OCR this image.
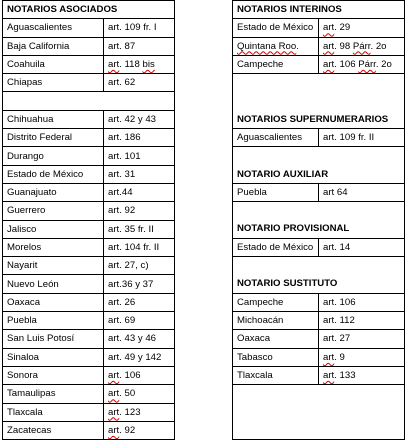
NOTARIOS ASOCIADOS			NOTARIOS INTERINOS	
Aguascalientes	art. 109 fr. I		Estado de México	art. 29
Baja California	art. 87		Quintana Roo.	art. 98 Párr. 2o
Coahuila	art. 118 bis		Campeche	art. 106 Párr. 2o
Chiapas	art. 62			

Chihuahua	art. 42 y 43		NOTARIOS SUPERNUMERARIOS	
Distrito Federal	art. 186		Aguascalientes	art. 109 fr. II
Durango	art. 101			
Estado de México	art. 31		NOTARIO AUXILIAR	
Guanajuato	art.44		Puebla	art 64
Guerrero	art. 92			
Jalisco	art. 35 fr. II		NOTARIO PROVISIONAL	
Morelos	art. 104 fr. II		Estado de México	art. 14
Nayarit	art. 27, c)			
Nuevo León	art.36 y 37		NOTARIO SUSTITUTO	
Oaxaca	art. 26		Campeche	art. 106
Puebla	art. 69		Michoacán	art. 112
San Luis Potosí	art. 43 y 46		Oaxaca	art. 27
Sinaloa	art. 49 y 142		Tabasco	art. 9
Sonora	art. 106		Tlaxcala	art. 133
Tamaulipas	art. 50			
Tlaxcala	art. 123			
Zacatecas	art. 92			
